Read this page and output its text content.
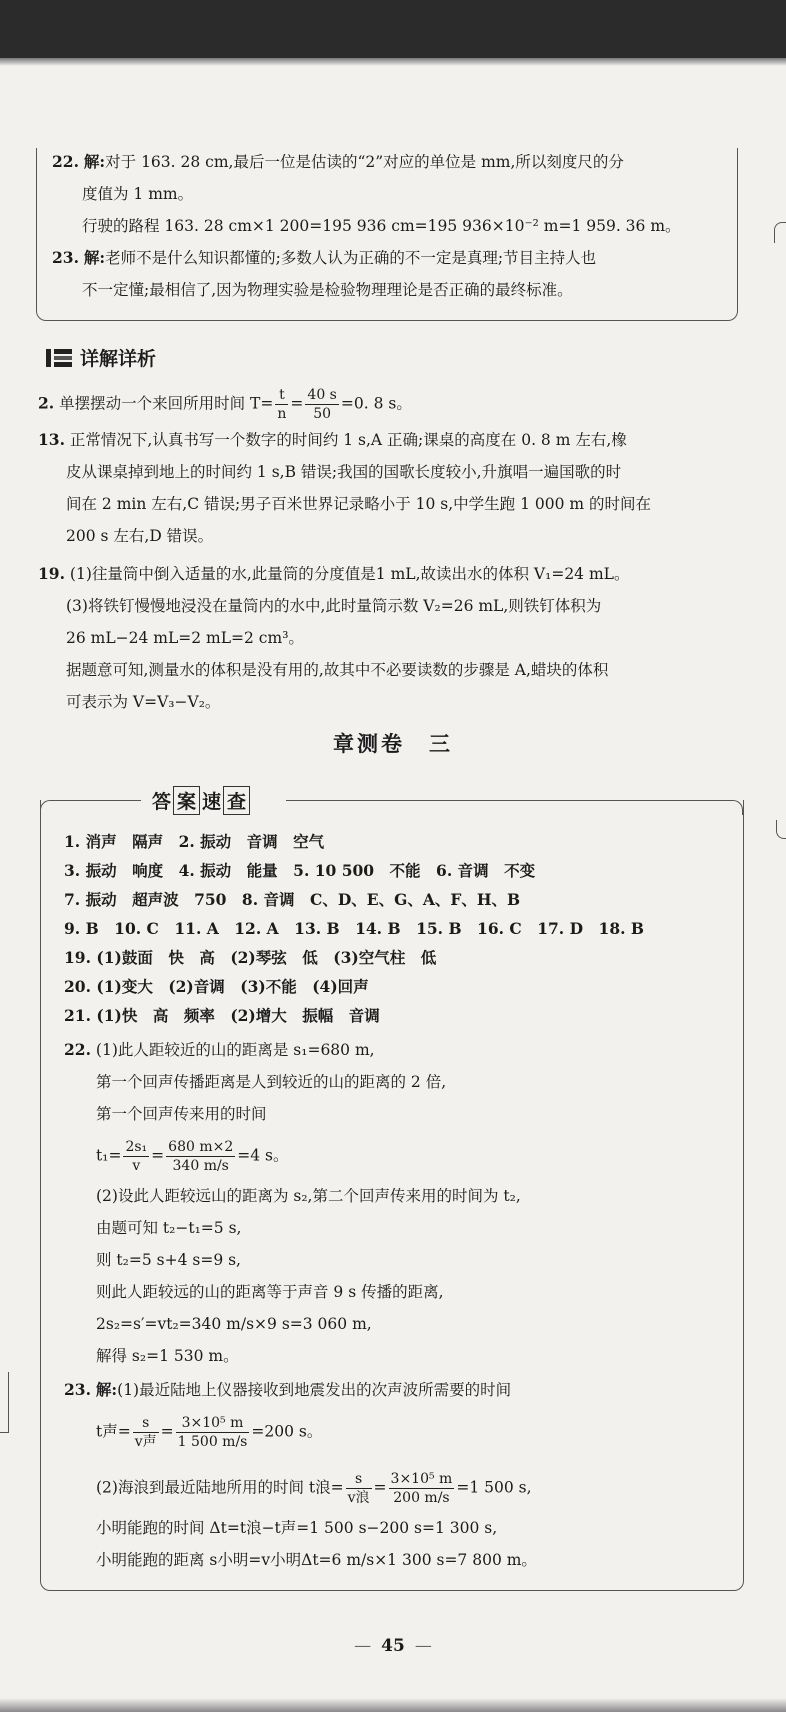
22. 解:对于 163. 28 cm,最后一位是估读的“2”对应的单位是 mm,所以刻度尺的分
度值为 1 mm。
行驶的路程 163. 28 cm×1 200=195 936 cm=195 936×10⁻² m=1 959. 36 m。
23. 解:老师不是什么知识都懂的;多数人认为正确的不一定是真理;节目主持人也
不一定懂;最相信了,因为物理实验是检验物理理论是否正确的最终标准。
详解详析
2. 单摆摆动一个来回所用时间 $T= \frac{t}{n} = \frac{40 s}{50} =0$. 8 s。
13. 正常情况下,认真书写一个数字的时间约 1 s,A 正确;课桌的高度在 0. 8 m 左右,橡
皮从课桌掉到地上的时间约 1 s,B 错误;我国的国歌长度较小,升旗唱一遍国歌的时
间在 2 min 左右,C 错误;男子百米世界记录略小于 10 s,中学生跑 1 000 m 的时间在
200 s 左右,D 错误。
19. (1)往量筒中倒入适量的水,此量筒的分度值是1 mL,故读出水的体积 V₁=24 mL。
(3)将铁钉慢慢地浸没在量筒内的水中,此时量筒示数 V₂=26 mL,则铁钉体积为
26 mL−24 mL=2 mL=2 cm³。
据题意可知,测量水的体积是没有用的,故其中不必要读数的步骤是 A,蜡块的体积
可表示为 V=V₃−V₂。
章测卷　三
答 案 速 查
1. 消声　隔声　2. 振动　音调　空气
3. 振动　响度　4. 振动　能量　5. 10 500　不能　6. 音调　不变
7. 振动　超声波　750　8. 音调　C、D、E、G、A、F、H、B
9. B　10. C　11. A　12. A　13. B　14. B　15. B　16. C　17. D　18. B
19. (1)鼓面　快　高　(2)琴弦　低　(3)空气柱　低
20. (1)变大　(2)音调　(3)不能　(4)回声
21. (1)快　高　频率　(2)增大　振幅　音调
22. (1)此人距较近的山的距离是 s₁=680 m,
第一个回声传播距离是人到较近的山的距离的 2 倍,
第一个回声传来用的时间
$t_1= \frac{\text{2s₁}}{v} = \frac{680 m\times 2}{340 m/s} =4$ s。
(2)设此人距较远山的距离为 s₂,第二个回声传来用的时间为 t₂,
由题可知 t₂−t₁=5 s,
则 t₂=5 s+4 s=9 s,
则此人距较远的山的距离等于声音 9 s 传播的距离,
2s₂=s′=vt₂=340 m/s×9 s=3 060 m,
解得 s₂=1 530 m。
23. 解:(1)最近陆地上仪器接收到地震发出的次声波所需要的时间
t声= $\frac{s}{\text{v声}} = \frac{\text{3×10⁵ m}}{1 500 m/s} =200$ s。
(2)海浪到最近陆地所用的时间 t浪= $\frac{s}{\text{v浪}} = \frac{\text{3×10⁵ m}}{200 m/s} =1$ 500 s,
小明能跑的时间 Δt=t浪−t声=1 500 s−200 s=1 300 s,
小明能跑的距离 s小明=v小明Δt=6 m/s×1 300 s=7 800 m。
— 45 —
